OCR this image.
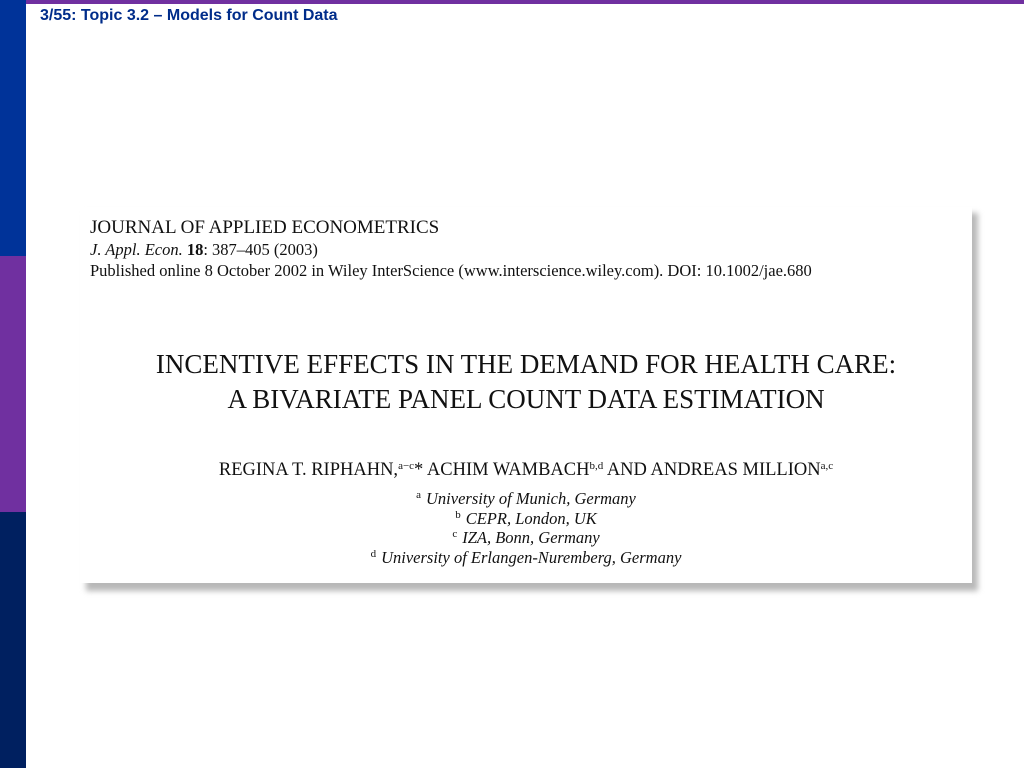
3/55: Topic 3.2 – Models for Count Data
JOURNAL OF APPLIED ECONOMETRICS
J. Appl. Econ. 18: 387–405 (2003)
Published online 8 October 2002 in Wiley InterScience (www.interscience.wiley.com). DOI: 10.1002/jae.680
INCENTIVE EFFECTS IN THE DEMAND FOR HEALTH CARE:
A BIVARIATE PANEL COUNT DATA ESTIMATION
REGINA T. RIPHAHN,$^{a-c}$* ACHIM WAMBACH$^{b,d}$ AND ANDREAS MILLION$^{a,c}$
$^a$ University of Munich, Germany
$^b$ CEPR, London, UK
$^c$ IZA, Bonn, Germany
$^d$ University of Erlangen-Nuremberg, Germany
